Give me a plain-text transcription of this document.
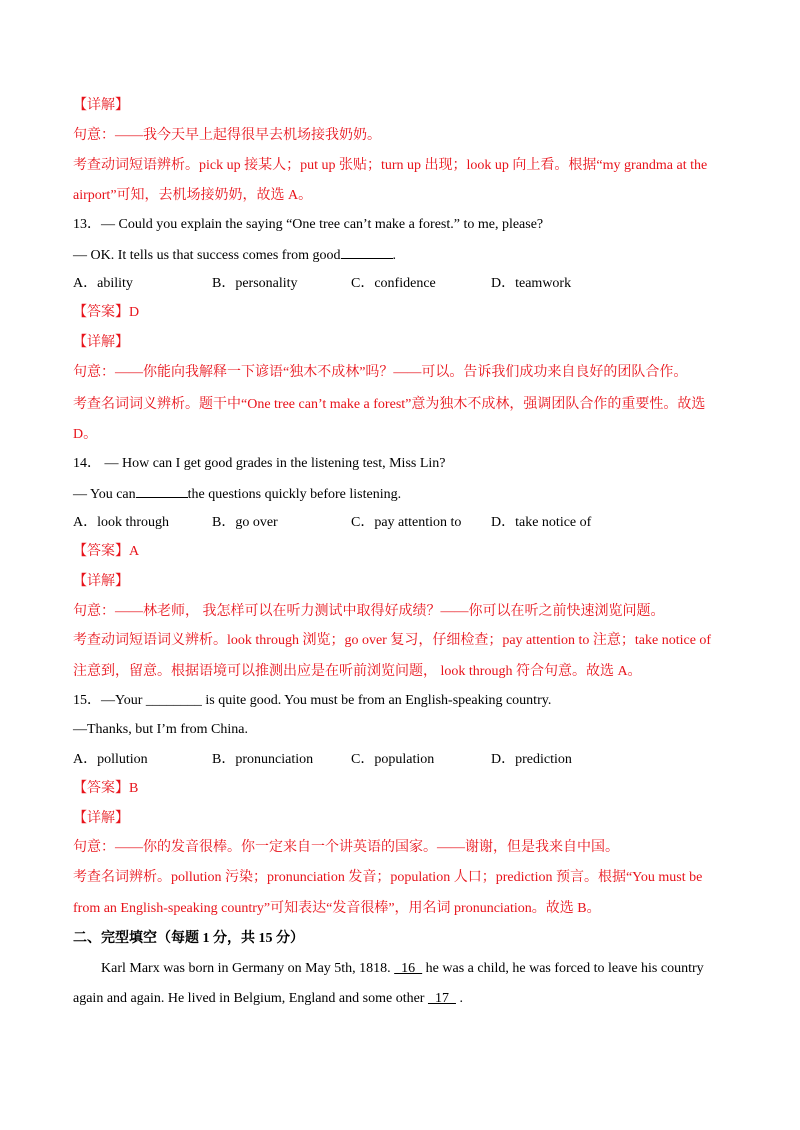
【详解】
句意：——我今天早上起得很早去机场接我奶奶。
考查动词短语辨析。pick up 接某人；put up 张贴；turn up 出现；look up 向上看。根据“my grandma at the
airport”可知，去机场接奶奶，故选 A。
13．— Could you explain the saying “One tree can’t make a forest.” to me, please?
— OK. It tells us that success comes from good	.
A．ability	B．personality	C．confidence	D．teamwork
【答案】D
【详解】
句意：——你能向我解释一下谚语“独木不成林”吗？——可以。告诉我们成功来自良好的团队合作。
考查名词词义辨析。题干中“One tree can’t make a forest”意为独木不成林，强调团队合作的重要性。故选
D。
14． — How can I get good grades in the listening test, Miss Lin?
— You can	the questions quickly before listening.
A．look through	B．go over	C．pay attention to D．take notice of
【答案】A
【详解】
句意：——林老师， 我怎样可以在听力测试中取得好成绩？——你可以在听之前快速浏览问题。
考查动词短语词义辨析。look through 浏览；go over 复习，仔细检查；pay attention to 注意；take notice of
注意到，留意。根据语境可以推测出应是在听前浏览问题， look through 符合句意。故选 A。
15．—Your ________ is quite good. You must be from an English-speaking country.
—Thanks, but I’m from China.
A．pollution	B．pronunciation	C．population	D．prediction
【答案】B
【详解】
句意：——你的发音很棒。你一定来自一个讲英语的国家。——谢谢，但是我来自中国。
考查名词辨析。pollution 污染；pronunciation 发音；population 人口；prediction 预言。根据“You must be
from an English-speaking country”可知表达“发音很棒”，用名词 pronunciation。故选 B。
二、完型填空（每题 1 分，共 15 分）
Karl Marx was born in Germany on May 5th, 1818.   16   he was a child, he was forced to leave his country
again and again. He lived in Belgium, England and some other   17   .
